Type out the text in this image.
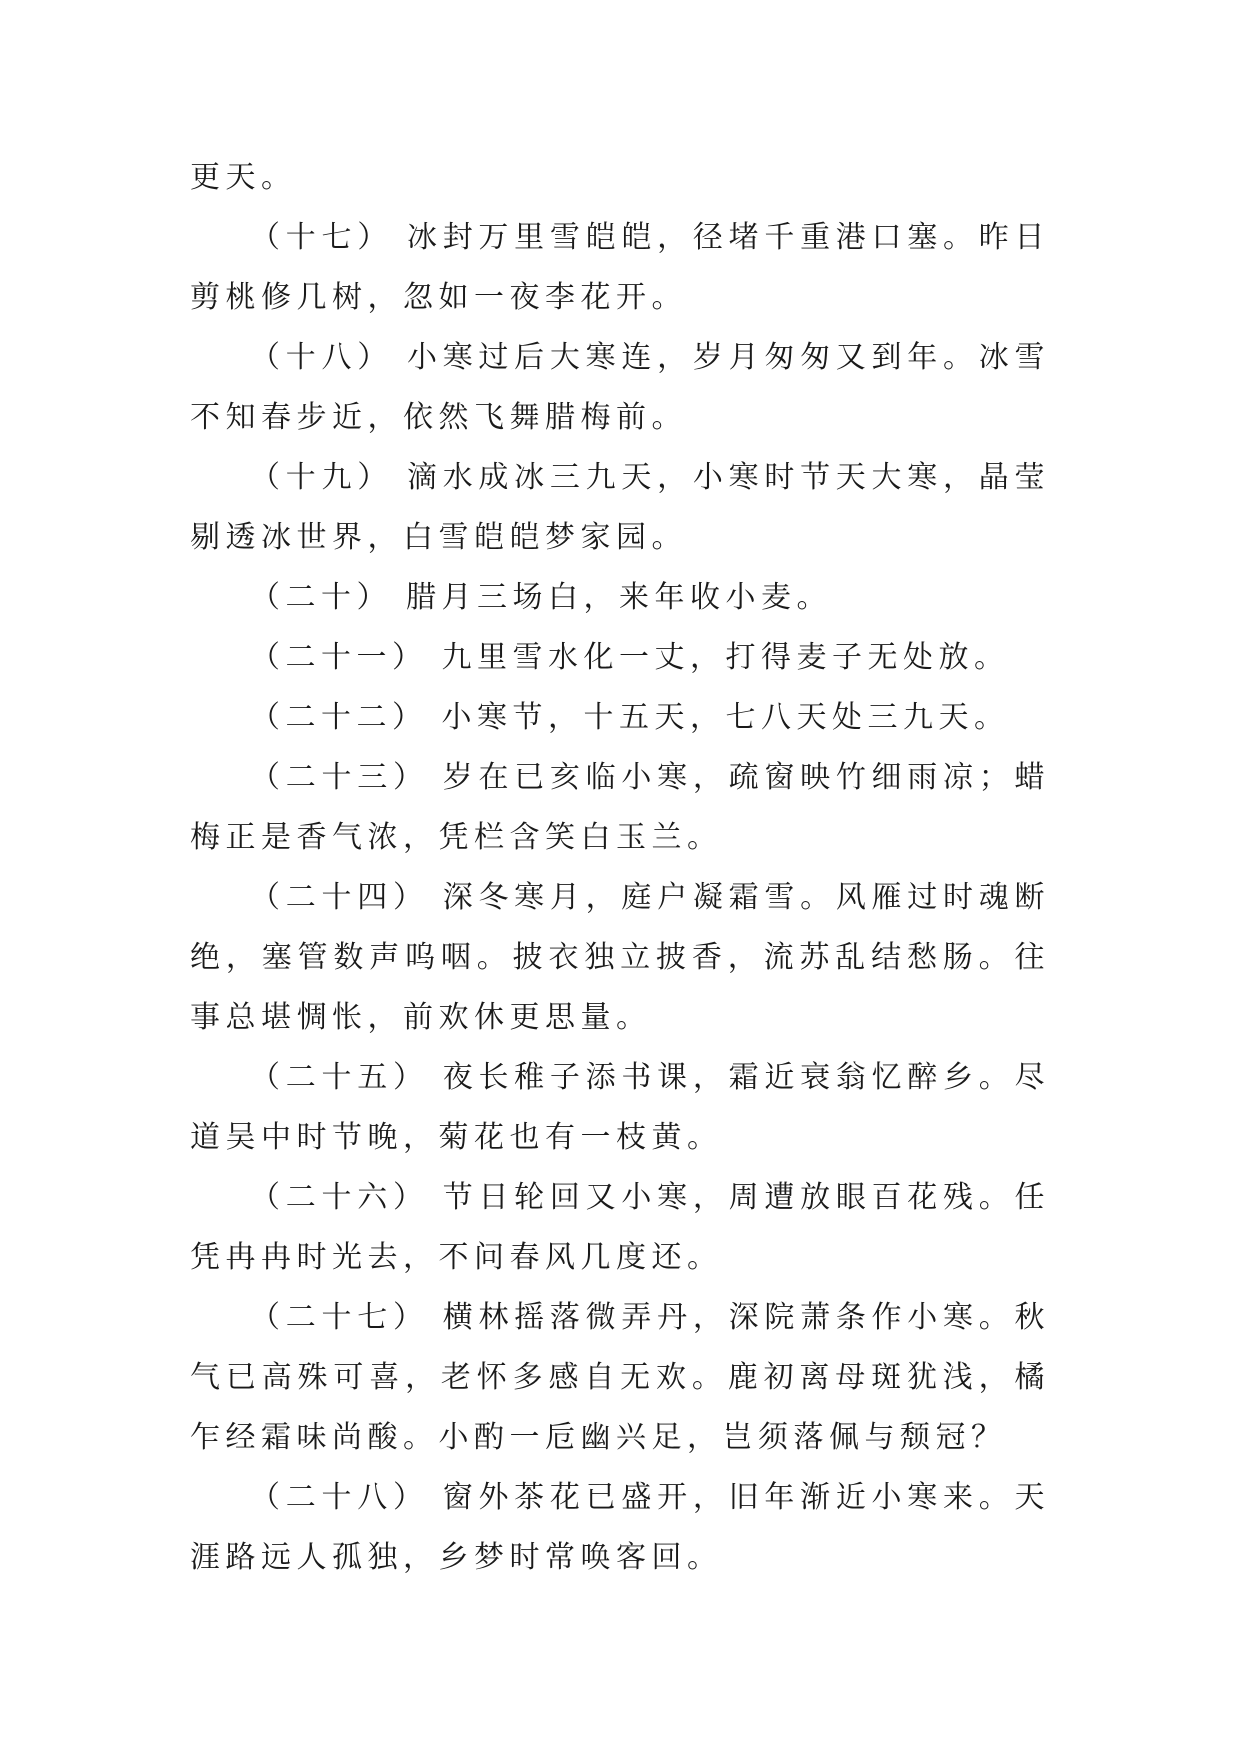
更天。

（十七） 冰封万里雪皑皑，径堵千重港口塞。昨日剪桃修几树，忽如一夜李花开。

（十八） 小寒过后大寒连，岁月匆匆又到年。冰雪不知春步近，依然飞舞腊梅前。

（十九） 滴水成冰三九天，小寒时节天大寒，晶莹剔透冰世界，白雪皑皑梦家园。

（二十） 腊月三场白，来年收小麦。

（二十一） 九里雪水化一丈，打得麦子无处放。

（二十二） 小寒节，十五天，七八天处三九天。

（二十三） 岁在已亥临小寒，疏窗映竹细雨凉；蜡梅正是香气浓，凭栏含笑白玉兰。

（二十四） 深冬寒月，庭户凝霜雪。风雁过时魂断绝，塞管数声呜咽。披衣独立披香，流苏乱结愁肠。往事总堪惆怅，前欢休更思量。

（二十五） 夜长稚子添书课，霜近衰翁忆醉乡。尽道吴中时节晚，菊花也有一枝黄。

（二十六） 节日轮回又小寒，周遭放眼百花残。任凭冉冉时光去，不问春风几度还。

（二十七） 横林摇落微弄丹，深院萧条作小寒。秋气已高殊可喜，老怀多感自无欢。鹿初离母斑犹浅，橘乍经霜味尚酸。小酌一卮幽兴足，岂须落佩与颓冠？

（二十八） 窗外茶花已盛开，旧年渐近小寒来。天涯路远人孤独，乡梦时常唤客回。
